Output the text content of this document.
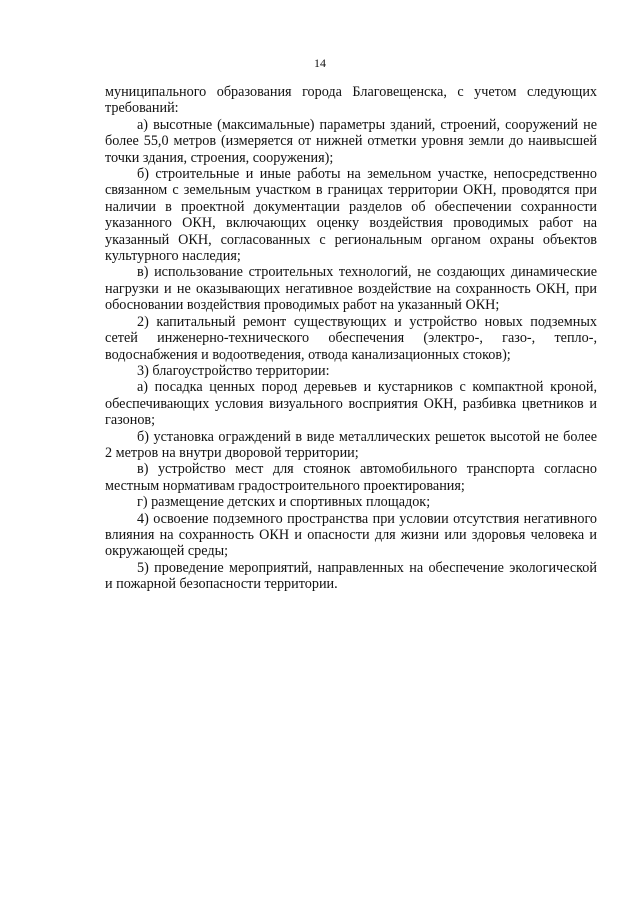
14

муниципального образования города Благовещенска, с учетом следующих требований:

а) высотные (максимальные) параметры зданий, строений, сооружений не более 55,0 метров (измеряется от нижней отметки уровня земли до наивысшей точки здания, строения, сооружения);

б) строительные и иные работы на земельном участке, непосредственно связанном с земельным участком в границах территории ОКН, проводятся при наличии в проектной документации разделов об обеспечении сохранности указанного ОКН, включающих оценку воздействия проводимых работ на указанный ОКН, согласованных с региональным органом охраны объектов культурного наследия;

в) использование строительных технологий, не создающих динамические нагрузки и не оказывающих негативное воздействие на сохранность ОКН, при обосновании воздействия проводимых работ на указанный ОКН;

2) капитальный ремонт существующих и устройство новых подземных сетей инженерно-технического обеспечения (электро-, газо-, тепло-, водоснабжения и водоотведения, отвода канализационных стоков);

3) благоустройство территории:

а) посадка ценных пород деревьев и кустарников с компактной кроной, обеспечивающих условия визуального восприятия ОКН, разбивка цветников и газонов;

б) установка ограждений в виде металлических решеток высотой не более 2 метров на внутри дворовой территории;

в) устройство мест для стоянок автомобильного транспорта согласно местным нормативам градостроительного проектирования;

г) размещение детских и спортивных площадок;

4) освоение подземного пространства при условии отсутствия негативного влияния на сохранность ОКН и опасности для жизни или здоровья человека и окружающей среды;

5) проведение мероприятий, направленных на обеспечение экологической и пожарной безопасности территории.
